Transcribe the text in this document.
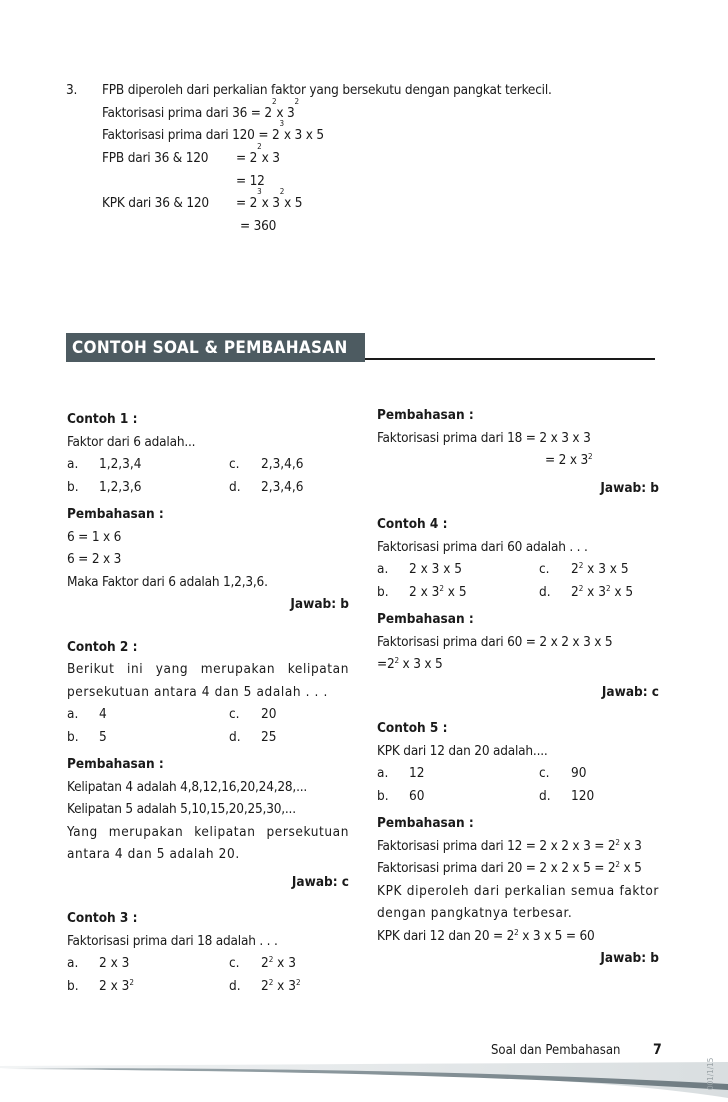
3. FPB diperoleh dari perkalian faktor yang bersekutu dengan pangkat terkecil.
Faktorisasi prima dari 36 = 2
2
x 3
2
Faktorisasi prima dari 120 = 2
3
x 3 x 5
FPB dari 36 & 120	= 2
2
x 3
= 12
KPK dari 36 & 120	= 2
3
x 3
2
x 5
= 360
CONTOH SOAL & PEMBAHASAN
Contoh 1 :
Faktor dari 6 adalah...
a.	1,2,3,4	c.	2,3,4,6
b.	1,2,3,6	d.	2,3,4,6
Pembahasan :
6 = 1 x 6
6 = 2 x 3
Maka Faktor dari 6 adalah 1,2,3,6.
Jawab: b
Contoh 2 :
Berikut ini yang merupakan kelipatan persekutuan antara 4 dan 5 adalah . . .
a.	4	c.	20
b.	5	d.	25
Pembahasan :
Kelipatan 4 adalah 4,8,12,16,20,24,28,...
Kelipatan 5 adalah 5,10,15,20,25,30,...
Yang merupakan kelipatan persekutuan antara 4 dan 5 adalah 20.
Jawab: c
Contoh 3 :
Faktorisasi prima dari 18 adalah . . .
a.	2 x 3	c.	$2^2$ x 3
b.	2 x $3^2$	d.	$2^2$ x $3^2$
Pembahasan :
Faktorisasi prima dari 18 = 2 x 3 x 3
= 2 x $3^2$
Jawab: b
Contoh 4 :
Faktorisasi prima dari 60 adalah . . .
a.	2 x 3 x 5	c.	$2^2$ x 3 x 5
b.	2 x $3^2$ x 5	d.	$2^2$ x $3^2$ x 5
Pembahasan :
Faktorisasi prima dari 60 = 2 x 2 x 3 x 5
$=2^2$ x 3 x 5
Jawab: c
Contoh 5 :
KPK dari 12 dan 20 adalah....
a.	12	c.	90
b.	60	d.	120
Pembahasan :
Faktorisasi prima dari 12 = 2 x 2 x $3 = 2^2$ x 3
Faktorisasi prima dari 20 = 2 x 2 x $5 = 2^2$ x 5
KPK diperoleh dari perkalian semua faktor dengan pangkatnya terbesar.
KPK dari 12 dan $20 = 2^2$ x 3 x 5 = 60
Jawab: b
Soal dan Pembahasan 7
001/1/15
